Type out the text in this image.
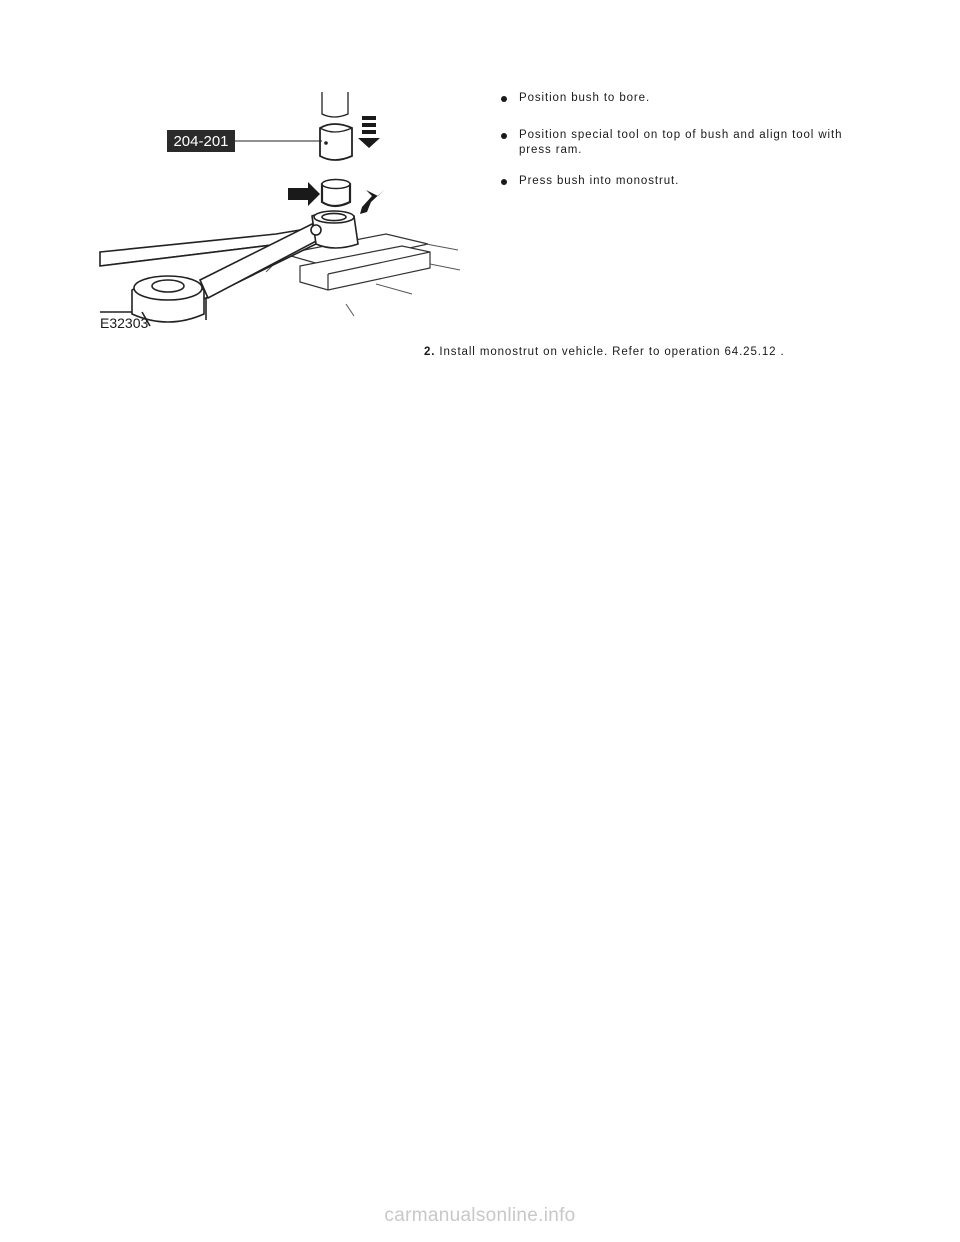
204-201
E32303
Position bush to bore.
Position special tool on top of bush and align tool with press ram.
Press bush into monostrut.
2. Install monostrut on vehicle. Refer to operation 64.25.12 .
carmanualsonline.info
